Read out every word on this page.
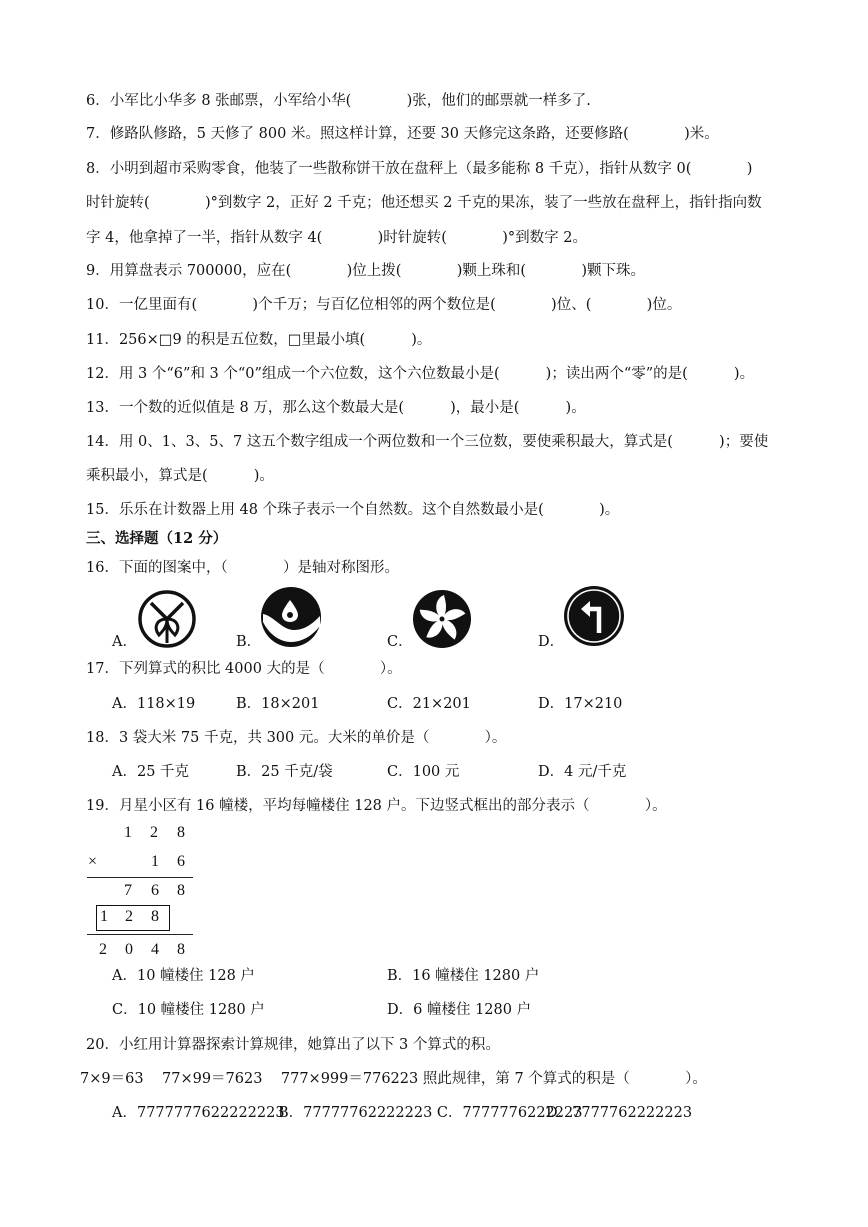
6．小军比小华多 8 张邮票，小军给小华(            )张，他们的邮票就一样多了.
7．修路队修路，5 天修了 800 米。照这样计算，还要 30 天修完这条路，还要修路(            )米。
8．小明到超市采购零食，他装了一些散称饼干放在盘秤上（最多能称 8 千克），指针从数字 0(            )
时针旋转(            )°到数字 2，正好 2 千克；他还想买 2 千克的果冻，装了一些放在盘秤上，指针指向数
字 4，他拿掉了一半，指针从数字 4(            )时针旋转(            )°到数字 2。
9．用算盘表示 700000，应在(            )位上拨(            )颗上珠和(            )颗下珠。
10．一亿里面有(            )个千万；与百亿位相邻的两个数位是(            )位、(            )位。
11．256×□9 的积是五位数，□里最小填(          )。
12．用 3 个“6”和 3 个“0”组成一个六位数，这个六位数最小是(          )；读出两个“零”的是(          )。
13．一个数的近似值是 8 万，那么这个数最大是(          )，最小是(          )。
14．用 0、1、3、5、7 这五个数字组成一个两位数和一个三位数，要使乘积最大，算式是(          )；要使
乘积最小，算式是(          )。
15．乐乐在计数器上用 48 个珠子表示一个自然数。这个自然数最小是(            )。
三、选择题（12 分）
16．下面的图案中，（            ）是轴对称图形。
A．	B．	C．	D．
17．下列算式的积比 4000 大的是（            ）。
A．118×19	B．18×201	C．21×201	D．17×210
18．3 袋大米 75 千克，共 300 元。大米的单价是（            ）。
A．25 千克	B．25 千克/袋	C．100 元	D．4 元/千克
19．月星小区有 16 幢楼，平均每幢楼住 128 户。下边竖式框出的部分表示（            ）。
1 2 8
×	1 6
7 6 8
1 2 8
2 0 4 8
A．10 幢楼住 128 户	B．16 幢楼住 1280 户
C．10 幢楼住 1280 户	D．6 幢楼住 1280 户
20．小红用计算器探索计算规律，她算出了以下 3 个算式的积。
7×9＝63    77×99＝7623    777×999＝776223 照此规律，第 7 个算式的积是（            ）。
A．7777777622222223
B．77777762222223 C．7777776222223
D．7777762222223
